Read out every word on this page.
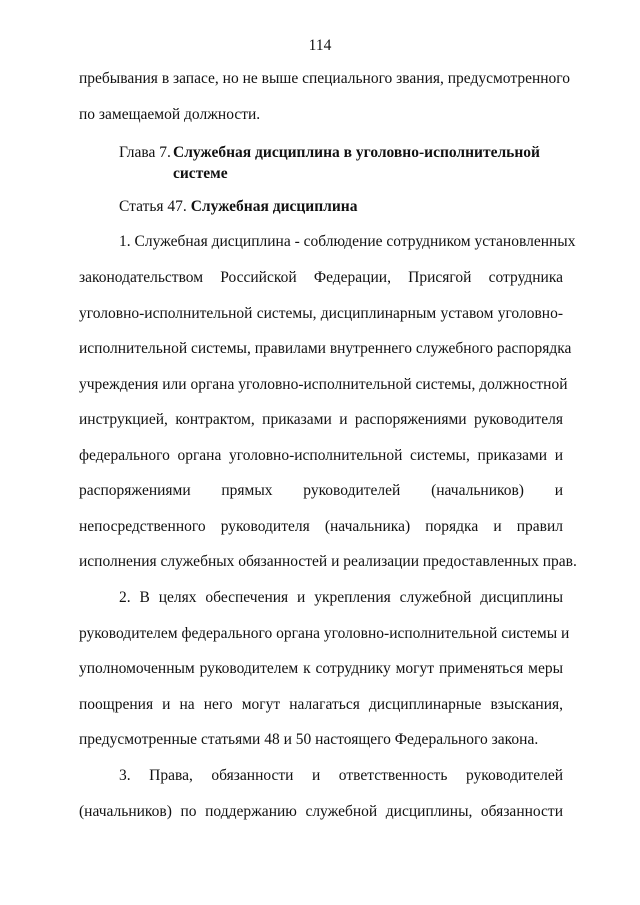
114
пребывания в запасе, но не выше специального звания, предусмотренного
по замещаемой должности.
Глава 7. Служебная дисциплина в уголовно-исполнительной
системе
Статья 47. Служебная дисциплина
1. Служебная дисциплина - соблюдение сотрудником установленных
законодательством Российской Федерации, Присягой сотрудника
уголовно-исполнительной системы, дисциплинарным уставом уголовно-
исполнительной системы, правилами внутреннего служебного распорядка
учреждения или органа уголовно-исполнительной системы, должностной
инструкцией, контрактом, приказами и распоряжениями руководителя
федерального органа уголовно-исполнительной системы, приказами и
распоряжениями прямых руководителей (начальников) и
непосредственного руководителя (начальника) порядка и правил
исполнения служебных обязанностей и реализации предоставленных прав.
2. В целях обеспечения и укрепления служебной дисциплины
руководителем федерального органа уголовно-исполнительной системы и
уполномоченным руководителем к сотруднику могут применяться меры
поощрения и на него могут налагаться дисциплинарные взыскания,
предусмотренные статьями 48 и 50 настоящего Федерального закона.
3. Права, обязанности и ответственность руководителей
(начальников) по поддержанию служебной дисциплины, обязанности
